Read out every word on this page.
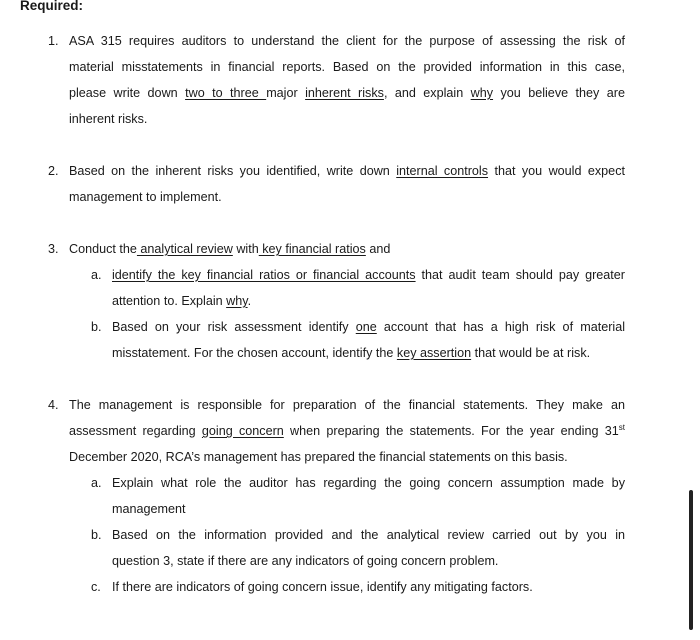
Required:
1. ASA 315 requires auditors to understand the client for the purpose of assessing the risk of
material misstatements in financial reports. Based on the provided information in this case,
please write down two to three major inherent risks, and explain why you believe they are
inherent risks.
2. Based on the inherent risks you identified, write down internal controls that you would expect
management to implement.
3. Conduct the analytical review with key financial ratios and
a. identify the key financial ratios or financial accounts that audit team should pay greater
attention to. Explain why.
b. Based on your risk assessment identify one account that has a high risk of material
misstatement. For the chosen account, identify the key assertion that would be at risk.
4. The management is responsible for preparation of the financial statements. They make an
assessment regarding going concern when preparing the statements. For the year ending 31st
December 2020, RCA’s management has prepared the financial statements on this basis.
a. Explain what role the auditor has regarding the going concern assumption made by
management
b. Based on the information provided and the analytical review carried out by you in
question 3, state if there are any indicators of going concern problem.
c. If there are indicators of going concern issue, identify any mitigating factors.
